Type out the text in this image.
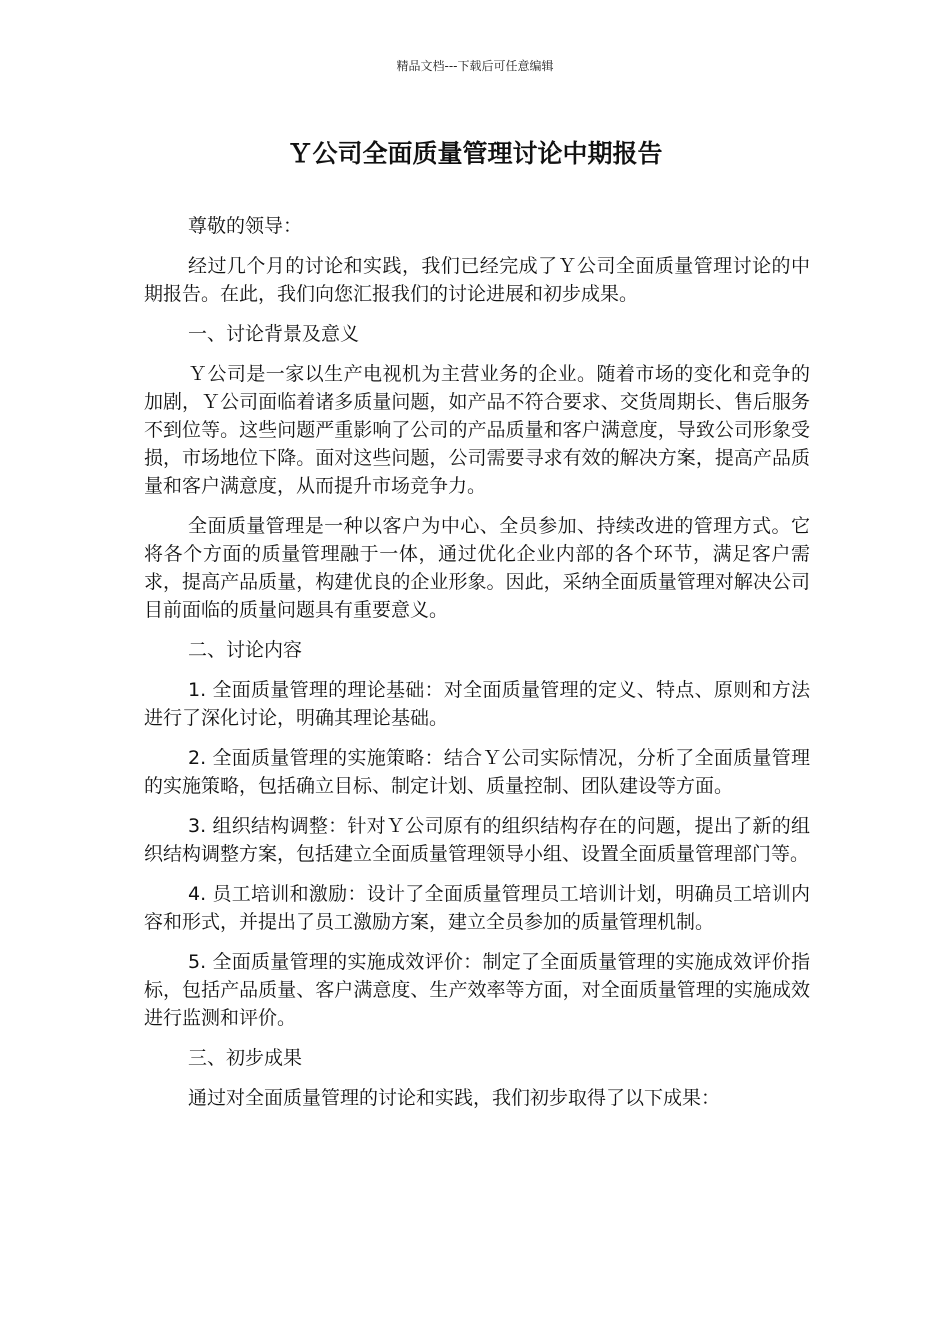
精品文档---下载后可任意编辑
Ｙ公司全面质量管理讨论中期报告

尊敬的领导：

经过几个月的讨论和实践，我们已经完成了Ｙ公司全面质量管理讨论的中期报告。在此，我们向您汇报我们的讨论进展和初步成果。

一、讨论背景及意义

Ｙ公司是一家以生产电视机为主营业务的企业。随着市场的变化和竞争的加剧，Ｙ公司面临着诸多质量问题，如产品不符合要求、交货周期长、售后服务不到位等。这些问题严重影响了公司的产品质量和客户满意度，导致公司形象受损，市场地位下降。面对这些问题，公司需要寻求有效的解决方案，提高产品质量和客户满意度，从而提升市场竞争力。

全面质量管理是一种以客户为中心、全员参加、持续改进的管理方式。它将各个方面的质量管理融于一体，通过优化企业内部的各个环节，满足客户需求，提高产品质量，构建优良的企业形象。因此，采纳全面质量管理对解决公司目前面临的质量问题具有重要意义。

二、讨论内容

1. 全面质量管理的理论基础：对全面质量管理的定义、特点、原则和方法进行了深化讨论，明确其理论基础。

2. 全面质量管理的实施策略：结合Ｙ公司实际情况，分析了全面质量管理的实施策略，包括确立目标、制定计划、质量控制、团队建设等方面。

3. 组织结构调整：针对Ｙ公司原有的组织结构存在的问题，提出了新的组织结构调整方案，包括建立全面质量管理领导小组、设置全面质量管理部门等。

4. 员工培训和激励：设计了全面质量管理员工培训计划，明确员工培训内容和形式，并提出了员工激励方案，建立全员参加的质量管理机制。

5. 全面质量管理的实施成效评价：制定了全面质量管理的实施成效评价指标，包括产品质量、客户满意度、生产效率等方面，对全面质量管理的实施成效进行监测和评价。

三、初步成果

通过对全面质量管理的讨论和实践，我们初步取得了以下成果：
